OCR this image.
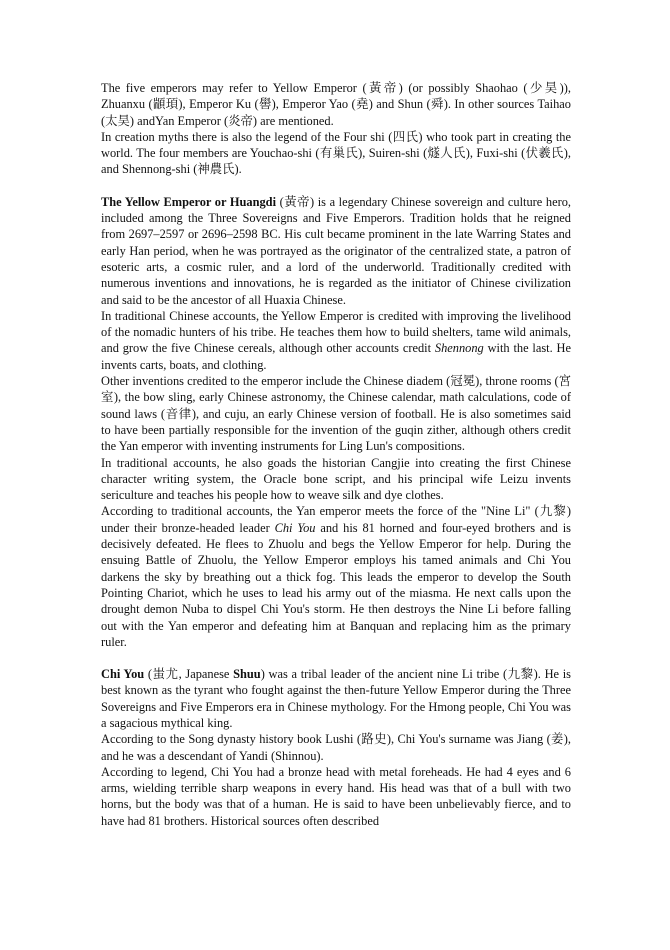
The five emperors may refer to Yellow Emperor (黃帝) (or possibly Shaohao (少昊)), Zhuanxu (顓頊), Emperor Ku (嚳), Emperor Yao (堯) and Shun (舜). In other sources Taihao (太昊) andYan Emperor (炎帝) are mentioned.

In creation myths there is also the legend of the Four shi (四氏) who took part in creating the world. The four members are Youchao-shi (有巢氏), Suiren-shi (燧人氏), Fuxi-shi (伏羲氏), and Shennong-shi (神農氏).

The Yellow Emperor or Huangdi (黃帝) is a legendary Chinese sovereign and culture hero, included among the Three Sovereigns and Five Emperors. Tradition holds that he reigned from 2697–2597 or 2696–2598 BC. His cult became prominent in the late Warring States and early Han period, when he was portrayed as the originator of the centralized state, a patron of esoteric arts, a cosmic ruler, and a lord of the underworld. Traditionally credited with numerous inventions and innovations, he is regarded as the initiator of Chinese civilization and said to be the ancestor of all Huaxia Chinese.

In traditional Chinese accounts, the Yellow Emperor is credited with improving the livelihood of the nomadic hunters of his tribe. He teaches them how to build shelters, tame wild animals, and grow the five Chinese cereals, although other accounts credit Shennong with the last. He invents carts, boats, and clothing.

Other inventions credited to the emperor include the Chinese diadem (冠冕), throne rooms (宮室), the bow sling, early Chinese astronomy, the Chinese calendar, math calculations, code of sound laws (音律), and cuju, an early Chinese version of football. He is also sometimes said to have been partially responsible for the invention of the guqin zither, although others credit the Yan emperor with inventing instruments for Ling Lun's compositions.

In traditional accounts, he also goads the historian Cangjie into creating the first Chinese character writing system, the Oracle bone script, and his principal wife Leizu invents sericulture and teaches his people how to weave silk and dye clothes.

According to traditional accounts, the Yan emperor meets the force of the "Nine Li" (九黎) under their bronze-headed leader Chi You and his 81 horned and four-eyed brothers and is decisively defeated. He flees to Zhuolu and begs the Yellow Emperor for help. During the ensuing Battle of Zhuolu, the Yellow Emperor employs his tamed animals and Chi You darkens the sky by breathing out a thick fog. This leads the emperor to develop the South Pointing Chariot, which he uses to lead his army out of the miasma. He next calls upon the drought demon Nuba to dispel Chi You's storm. He then destroys the Nine Li before falling out with the Yan emperor and defeating him at Banquan and replacing him as the primary ruler.

Chi You (蚩尤, Japanese Shuu) was a tribal leader of the ancient nine Li tribe (九黎). He is best known as the tyrant who fought against the then-future Yellow Emperor during the Three Sovereigns and Five Emperors era in Chinese mythology. For the Hmong people, Chi You was a sagacious mythical king.

According to the Song dynasty history book Lushi (路史), Chi You's surname was Jiang (姜), and he was a descendant of Yandi (Shinnou).

According to legend, Chi You had a bronze head with metal foreheads. He had 4 eyes and 6 arms, wielding terrible sharp weapons in every hand. His head was that of a bull with two horns, but the body was that of a human. He is said to have been unbelievably fierce, and to have had 81 brothers. Historical sources often described
